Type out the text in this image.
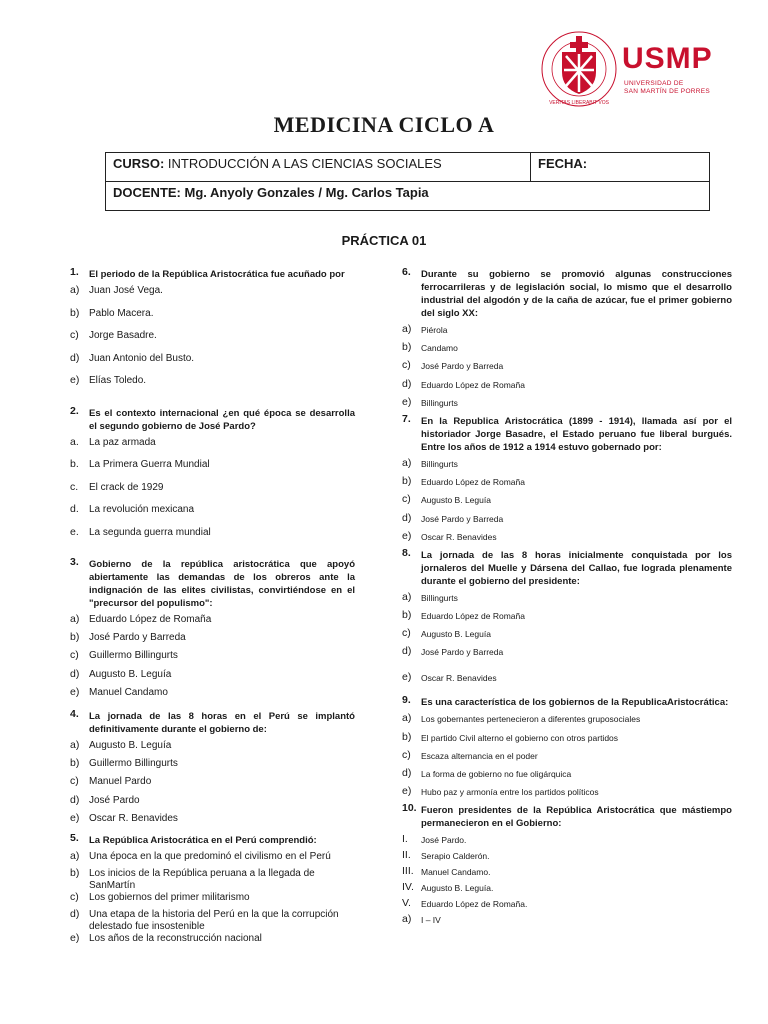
VERITAS LIBERABIT VOS
USMP
UNIVERSIDAD DE
SAN MARTÍN DE PORRES
MEDICINA CICLO A
CURSO: INTRODUCCIÓN A LAS CIENCIAS SOCIALES	FECHA:
DOCENTE: Mg. Anyoly Gonzales / Mg. Carlos Tapia
PRÁCTICA 01
1. El periodo de la República Aristocrática fue acuñado por
a) Juan José Vega.
b) Pablo Macera.
c) Jorge Basadre.
d) Juan Antonio del Busto.
e) Elías Toledo.
2. Es el contexto internacional ¿en qué época se desarrolla el segundo gobierno de José Pardo?
a. La paz armada
b. La Primera Guerra Mundial
c. El crack de 1929
d. La revolución mexicana
e. La segunda guerra mundial
3. Gobierno de la república aristocrática que apoyó abiertamente las demandas de los obreros ante la indignación de las elites civilistas, convirtiéndose en el "precursor del populismo":
a) Eduardo López de Romaña
b) José Pardo y Barreda
c) Guillermo Billingurts
d) Augusto B. Leguía
e) Manuel Candamo
4. La jornada de las 8 horas en el Perú se implantó definitivamente durante el gobierno de:
a) Augusto B. Leguía
b) Guillermo Billingurts
c) Manuel Pardo
d) José Pardo
e) Oscar R. Benavides
5. La República Aristocrática en el Perú comprendió:
a) Una época en la que predominó el civilismo en el Perú
b) Los inicios de la República peruana a la llegada de SanMartín
c) Los gobiernos del primer militarismo
d) Una etapa de la historia del Perú en la que la corrupción delestado fue insostenible
e) Los años de la reconstrucción nacional
6. Durante su gobierno se promovió algunas construcciones ferrocarrileras y de legislación social, lo mismo que el desarrollo industrial del algodón y de la caña de azúcar, fue el primer gobierno del siglo XX:
a) Piérola
b) Candamo
c) José Pardo y Barreda
d) Eduardo López de Romaña
e) Billingurts
7. En la Republica Aristocrática (1899 - 1914), llamada así por el historiador Jorge Basadre, el Estado peruano fue liberal burgués. Entre los años de 1912 a 1914 estuvo gobernado por:
a) Billingurts
b) Eduardo López de Romaña
c) Augusto B. Leguía
d) José Pardo y Barreda
e) Oscar R. Benavides
8. La jornada de las 8 horas inicialmente conquistada por los jornaleros del Muelle y Dársena del Callao, fue lograda plenamente durante el gobierno del presidente:
a) Billingurts
b) Eduardo López de Romaña
c) Augusto B. Leguía
d) José Pardo y Barreda
e) Oscar R. Benavides
9. Es una característica de los gobiernos de la RepublicaAristocrática:
a) Los gobernantes pertenecieron a diferentes gruposociales
b) El partido Civil alterno el gobierno con otros partidos
c) Escaza alternancia en el poder
d) La forma de gobierno no fue oligárquica
e) Hubo paz y armonía entre los partidos políticos
10. Fueron presidentes de la República Aristocrática que mástiempo permanecieron en el Gobierno:
I. José Pardo.
II. Serapio Calderón.
III. Manuel Candamo.
IV. Augusto B. Leguía.
V. Eduardo López de Romaña.
a) I – IV
